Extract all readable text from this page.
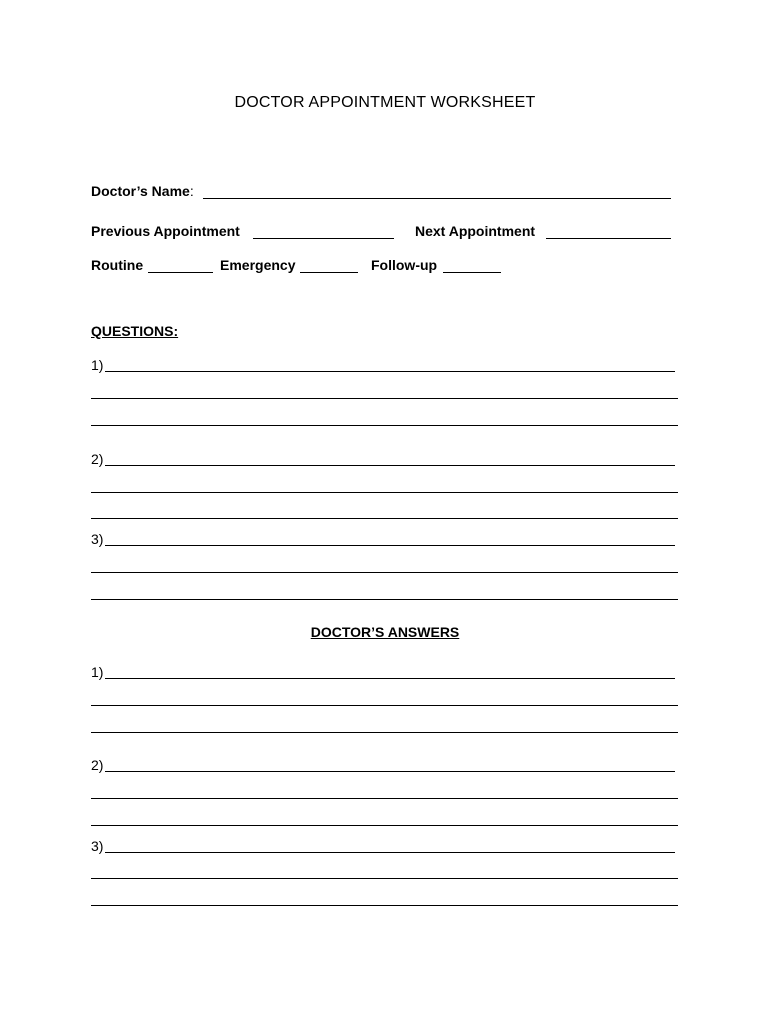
DOCTOR APPOINTMENT WORKSHEET
Doctor’s Name:
Previous Appointment	Next Appointment
Routine	Emergency	Follow-up
QUESTIONS:
1)
2)
3)
DOCTOR’S ANSWERS
1)
2)
3)
